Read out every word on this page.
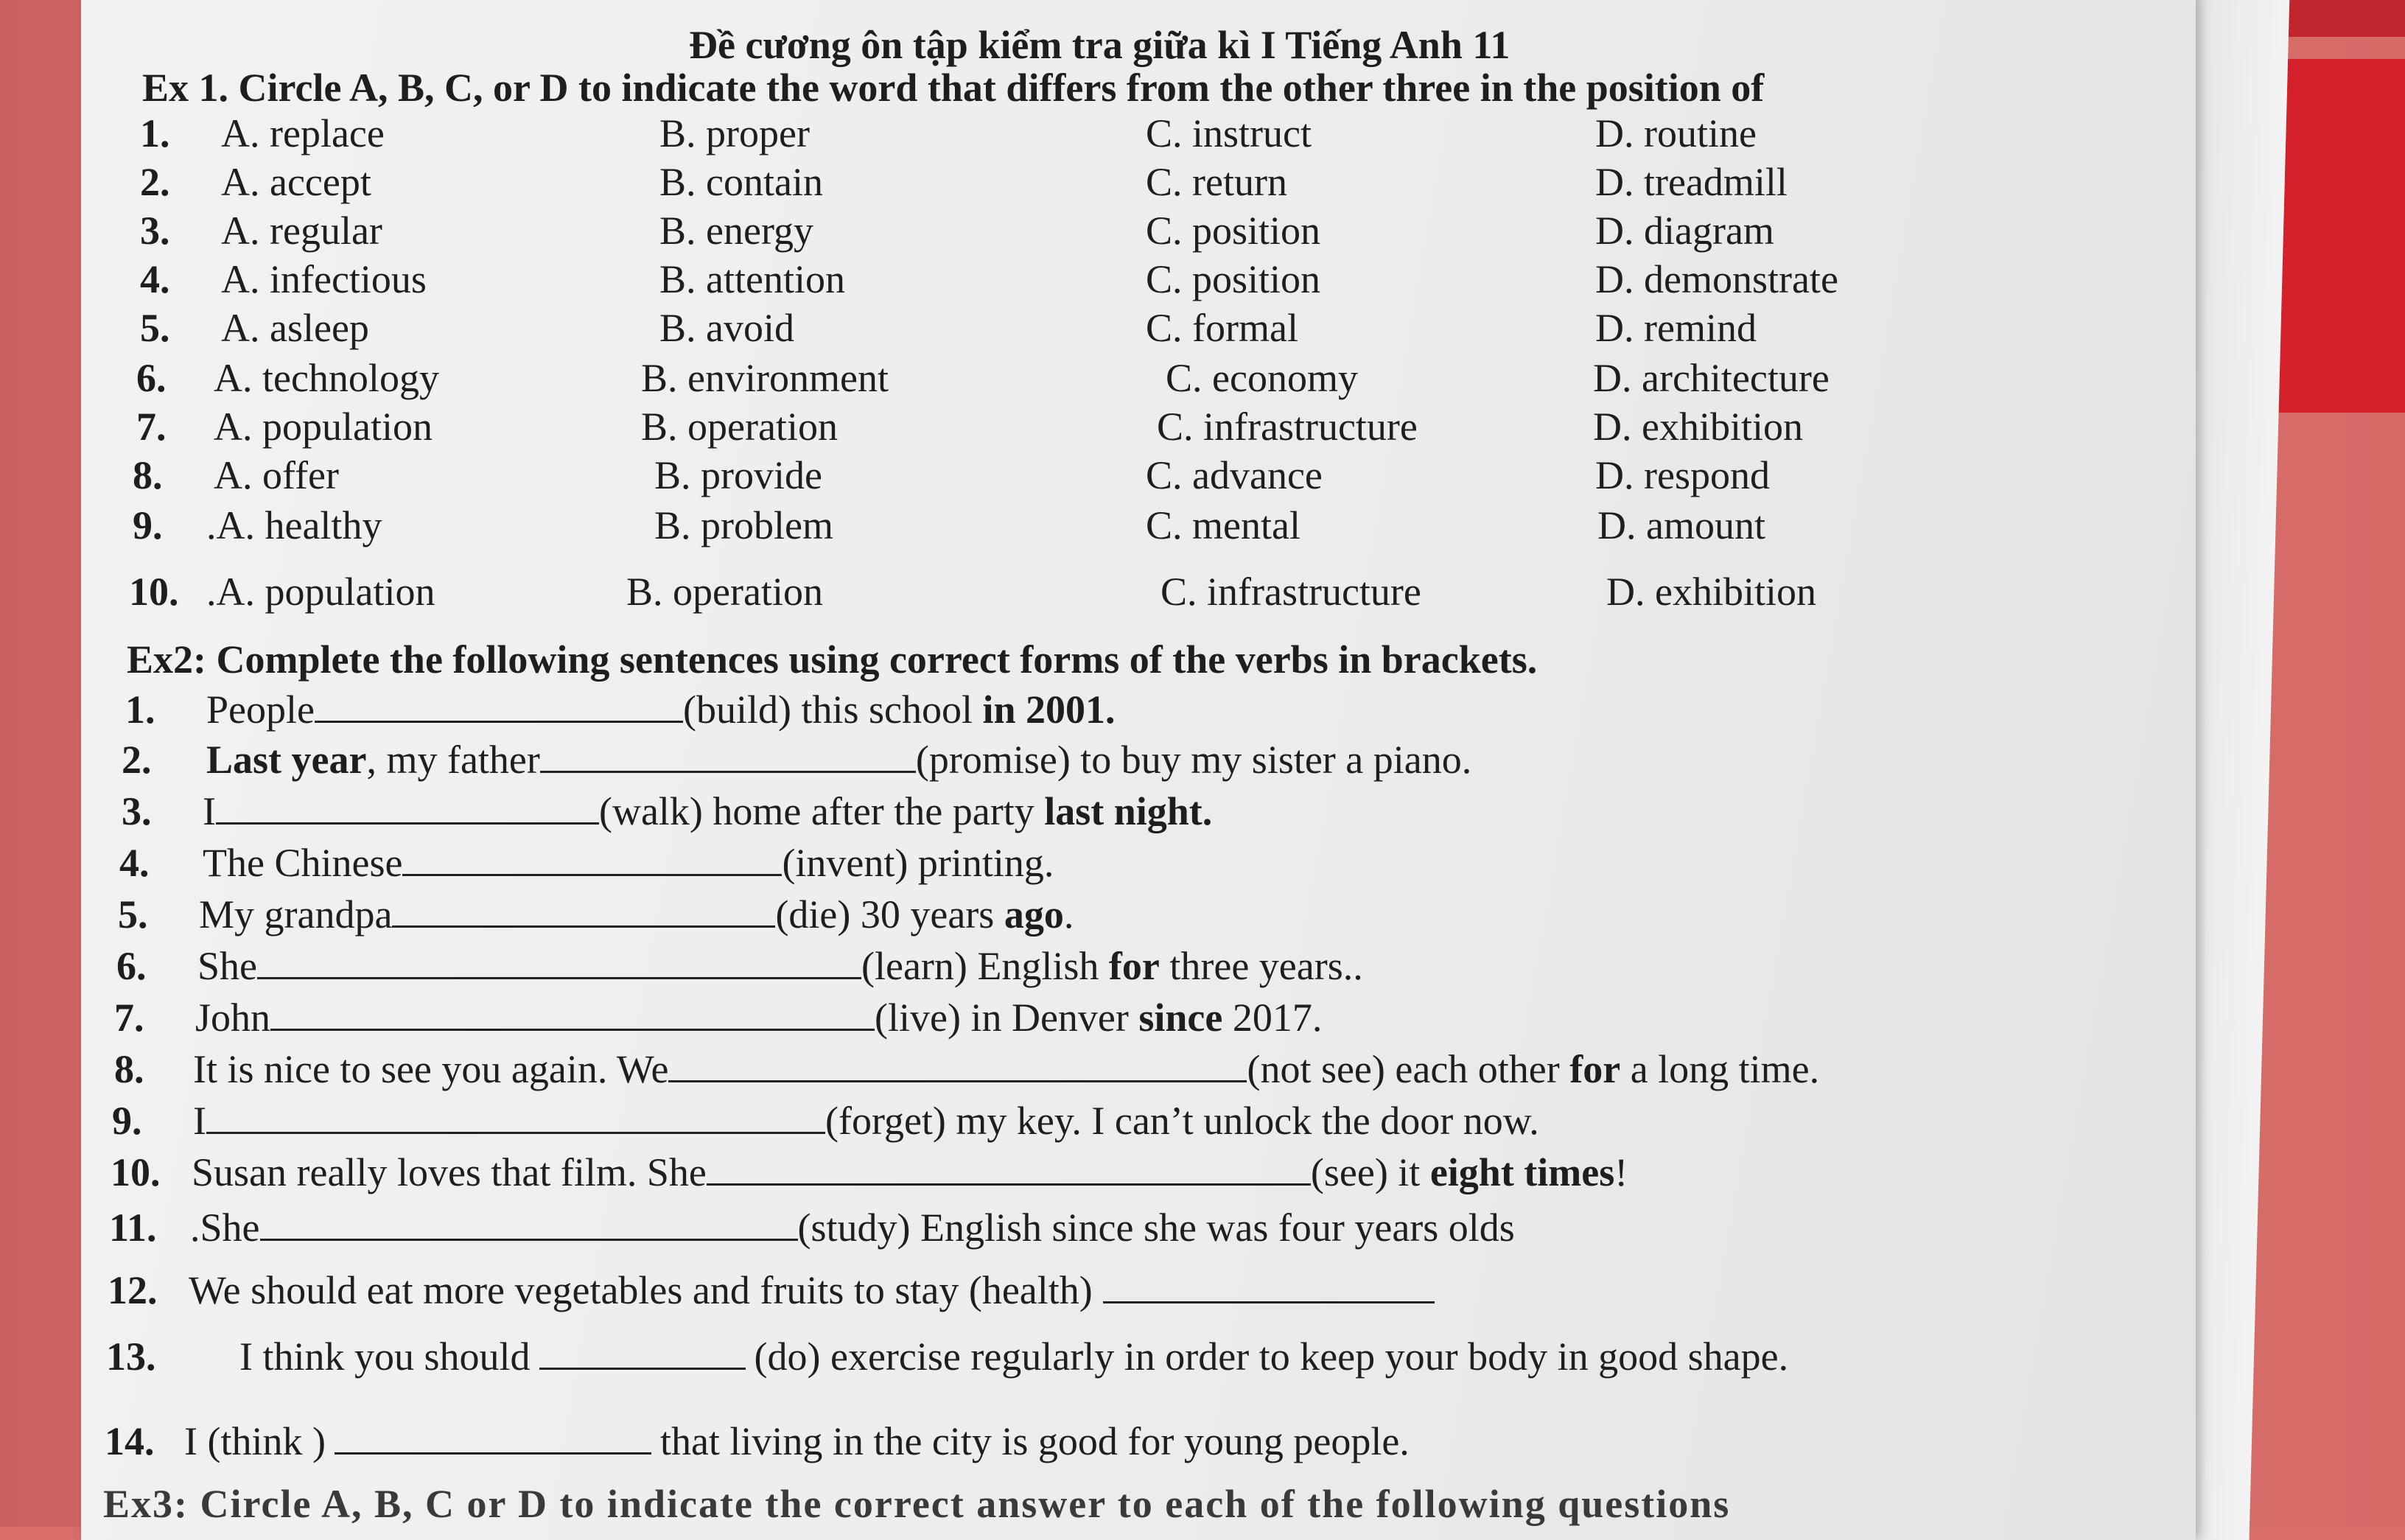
Đề cương ôn tập kiểm tra giữa kì I Tiếng Anh 11
Ex 1. Circle A, B, C, or D to indicate the word that differs from the other three in the position of
1. A. replace	B. proper	C. instruct	D. routine
2. A. accept	B. contain	C. return	D. treadmill
3. A. regular	B. energy	C. position	D. diagram
4. A. infectious	B. attention	C. position	D. demonstrate
5. A. asleep	B. avoid	C. formal	D. remind
6. A. technology	B. environment	C. economy	D. architecture
7. A. population	B. operation	C. infrastructure	D. exhibition
8. A. offer	B. provide	C. advance	D. respond
9. .A. healthy	B. problem	C. mental	D. amount
10. .A. population	B. operation	C. infrastructure	D. exhibition
Ex2: Complete the following sentences using correct forms of the verbs in brackets.
1. People	(build) this school in 2001.
2. Last year, my father	(promise) to buy my sister a piano.
3. I	(walk) home after the party last night.
4. The Chinese	(invent) printing.
5. My grandpa	(die) 30 years ago.
6. She	(learn) English for three years..
7. John	(live) in Denver since 2017.
8. It is nice to see you again. We	(not see) each other for a long time.
9. I	(forget) my key. I can’t unlock the door now.
10. Susan really loves that film. She	(see) it eight times!
11. .She	(study) English since she was four years olds
12. We should eat more vegetables and fruits to stay (health)
13. I think you should	(do) exercise regularly in order to keep your body in good shape.
14. I (think )	that living in the city is good for young people.
Ex3: Circle A, B, C or D to indicate the correct answer to each of the following questions
